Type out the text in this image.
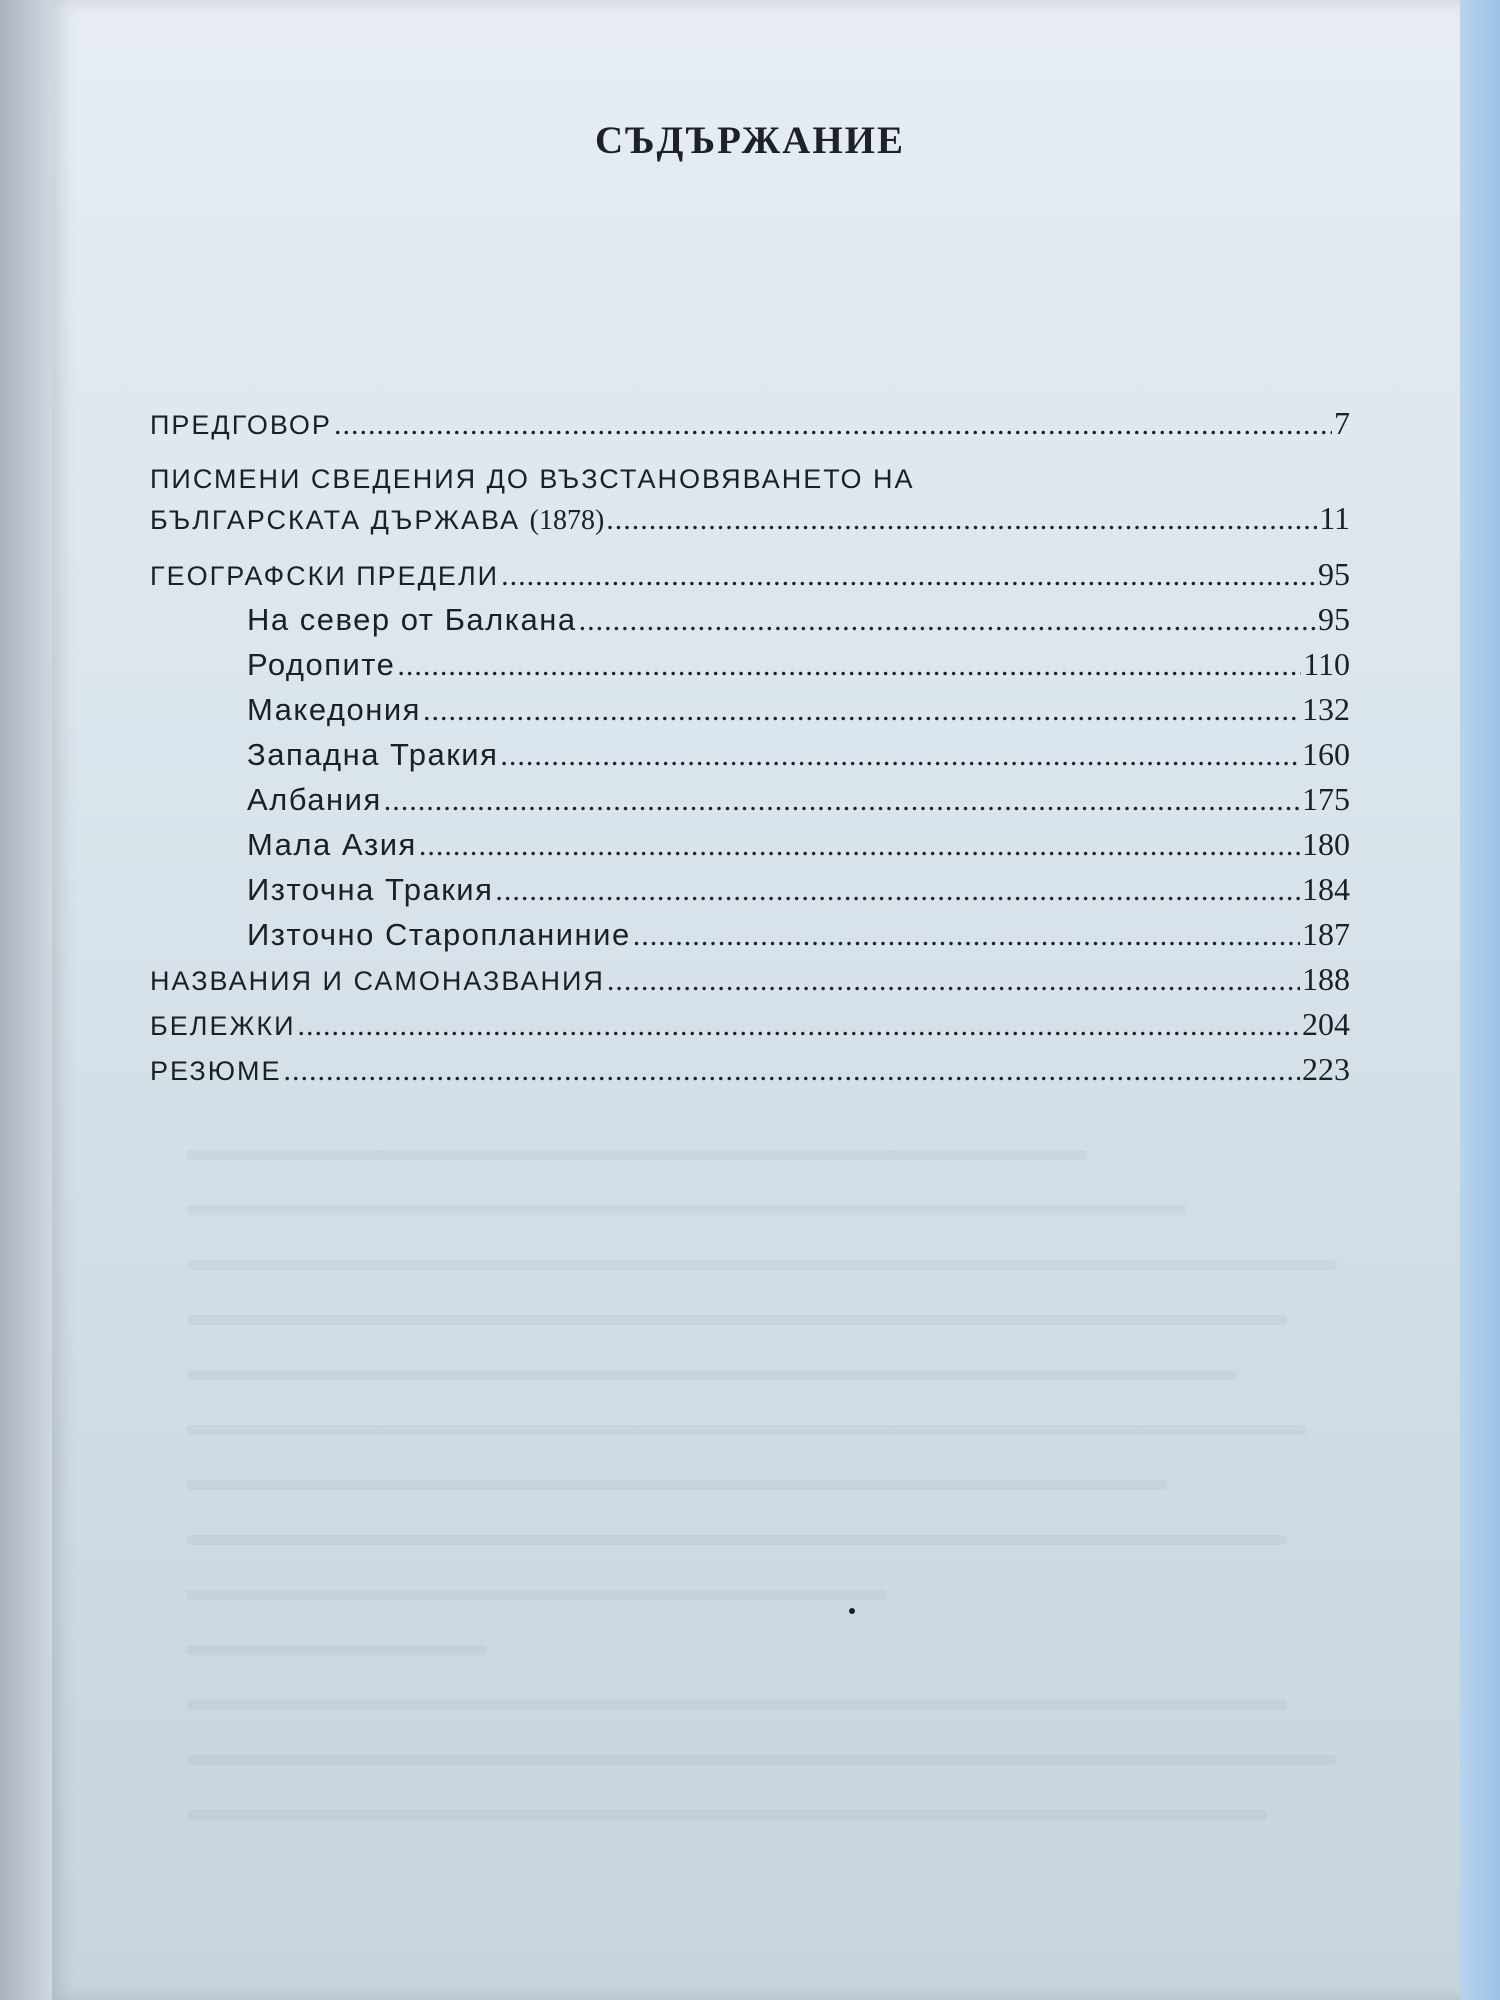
СЪДЪРЖАНИЕ
ПРЕДГОВОР .....	7
ПИСМЕНИ СВЕДЕНИЯ ДО ВЪЗСТАНОВЯВАНЕТО НА
БЪЛГАРСКАТА ДЪРЖАВА (1878) .....	11
ГЕОГРАФСКИ ПРЕДЕЛИ .....	95
На север от Балкана .....	95
Родопите .....	110
Македония .....	132
Западна Тракия .....	160
Албания .....	175
Мала Азия .....	180
Източна Тракия .....	184
Източно Старопланиние .....	187
НАЗВАНИЯ И САМОНАЗВАНИЯ .....	188
БЕЛЕЖКИ .....	204
РЕЗЮМЕ .....	223
